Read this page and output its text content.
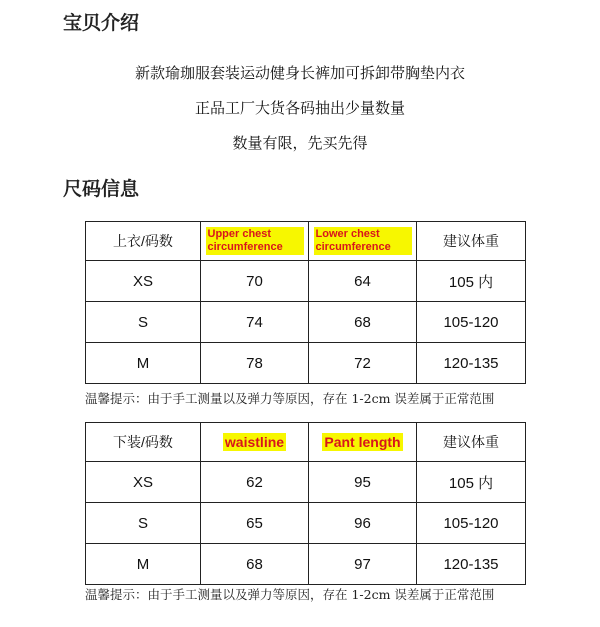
宝贝介绍
新款瑜珈服套装运动健身长裤加可拆卸带胸垫内衣
正品工厂大货各码抽出少量数量
数量有限，先买先得
尺码信息
上衣/码数	Upper chest circumference	Lower chest circumference	建议体重
XS	70	64	105 内
S	74	68	105-120
M	78	72	120-135
温馨提示：由于手工测量以及弹力等原因，存在 1-2cm 误差属于正常范围
下装/码数	waistline	Pant length	建议体重
XS	62	95	105 内
S	65	96	105-120
M	68	97	120-135
温馨提示：由于手工测量以及弹力等原因，存在 1-2cm 误差属于正常范围
